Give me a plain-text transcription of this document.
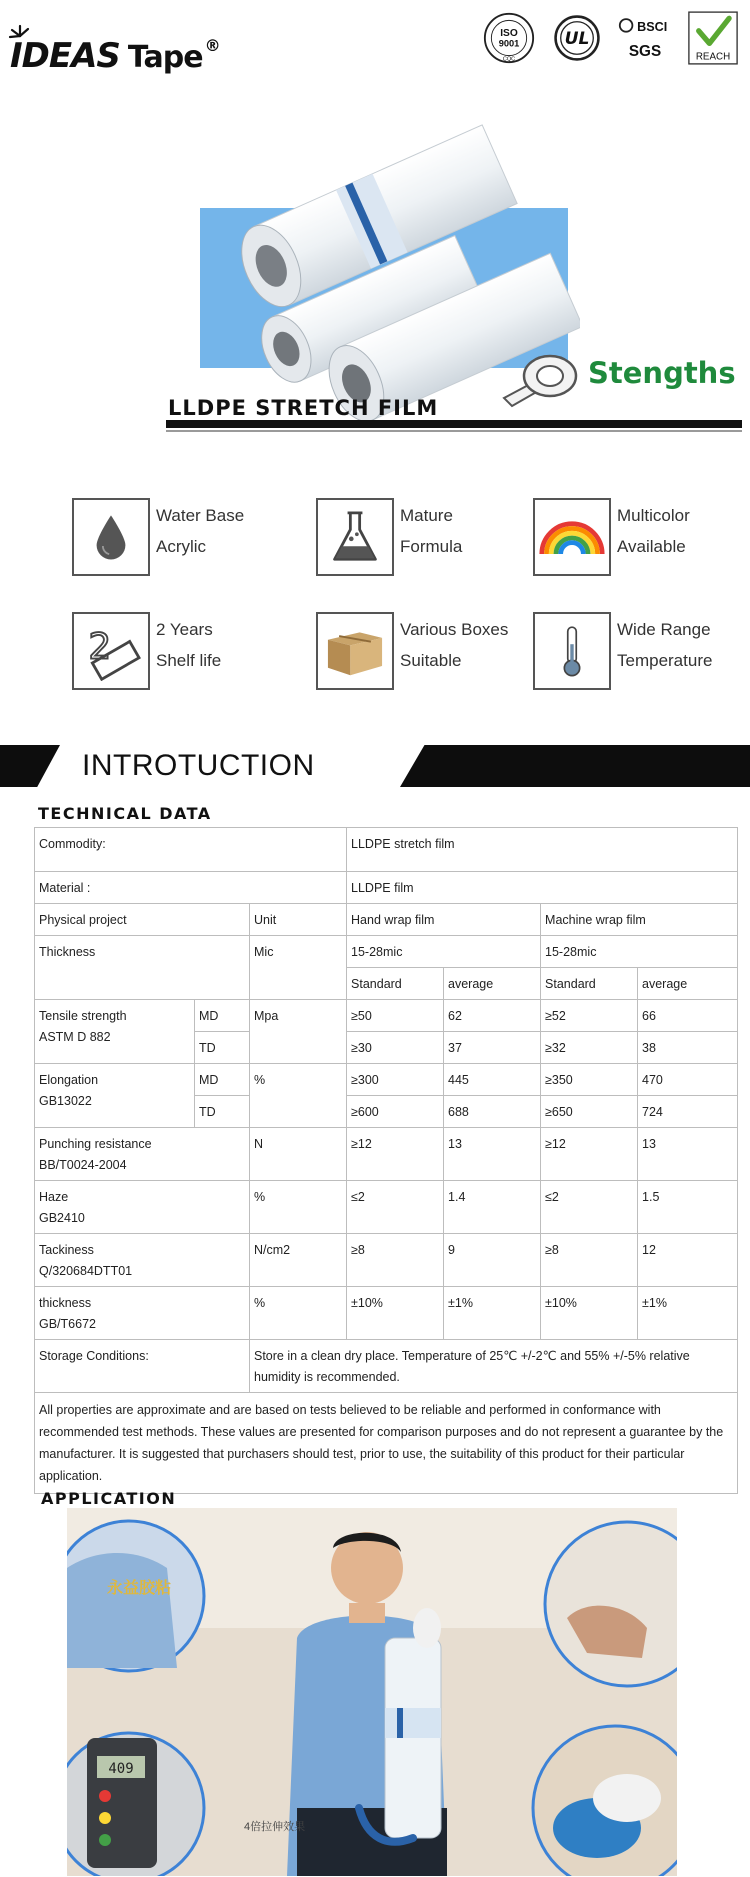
IDEAS Tape ®
ISO
9001
CQC
UL
BSCI
SGS	REACH
Stengths
LLDPE STRETCH FILM
Water Base
Acrylic
Mature
Formula
Multicolor
Available
2	2 Years
Shelf life
Various Boxes
Suitable
Wide Range
Temperature
INTROTUCTION
TECHNICAL DATA
Commodity:			LLDPE stretch film			
Material :			LLDPE film			
Physical project		Unit	Hand wrap film		Machine wrap film	
Thickness		Mic	15-28mic		15-28mic	
			Standard	average	Standard	average
Tensile strength
ASTM D 882	MD	Mpa	≥50	62	≥52	66
	TD		≥30	37	≥32	38
Elongation
GB13022	MD	%	≥300	445	≥350	470
	TD		≥600	688	≥650	724
Punching resistance
BB/T0024-2004		N	≥12	13	≥12	13
Haze
GB2410		%	≤2	1.4	≤2	1.5
Tackiness
Q/320684DTT01		N/cm2	≥8	9	≥8	12
thickness
GB/T6672		%	±10%	±1%	±10%	±1%
Storage Conditions:		Store in a clean dry place. Temperature of 25℃ +/-2℃ and 55% +/-5% relative humidity is recommended.				
All properties are approximate and are based on tests believed to be reliable and performed in conformance with recommended test methods. These values are presented for comparison purposes and do not represent a guarantee by the manufacturer. It is suggested that purchasers should test, prior to use, the suitability of this product for their particular application.						
APPLICATION
永益胶粘
409
4倍拉伸效果
